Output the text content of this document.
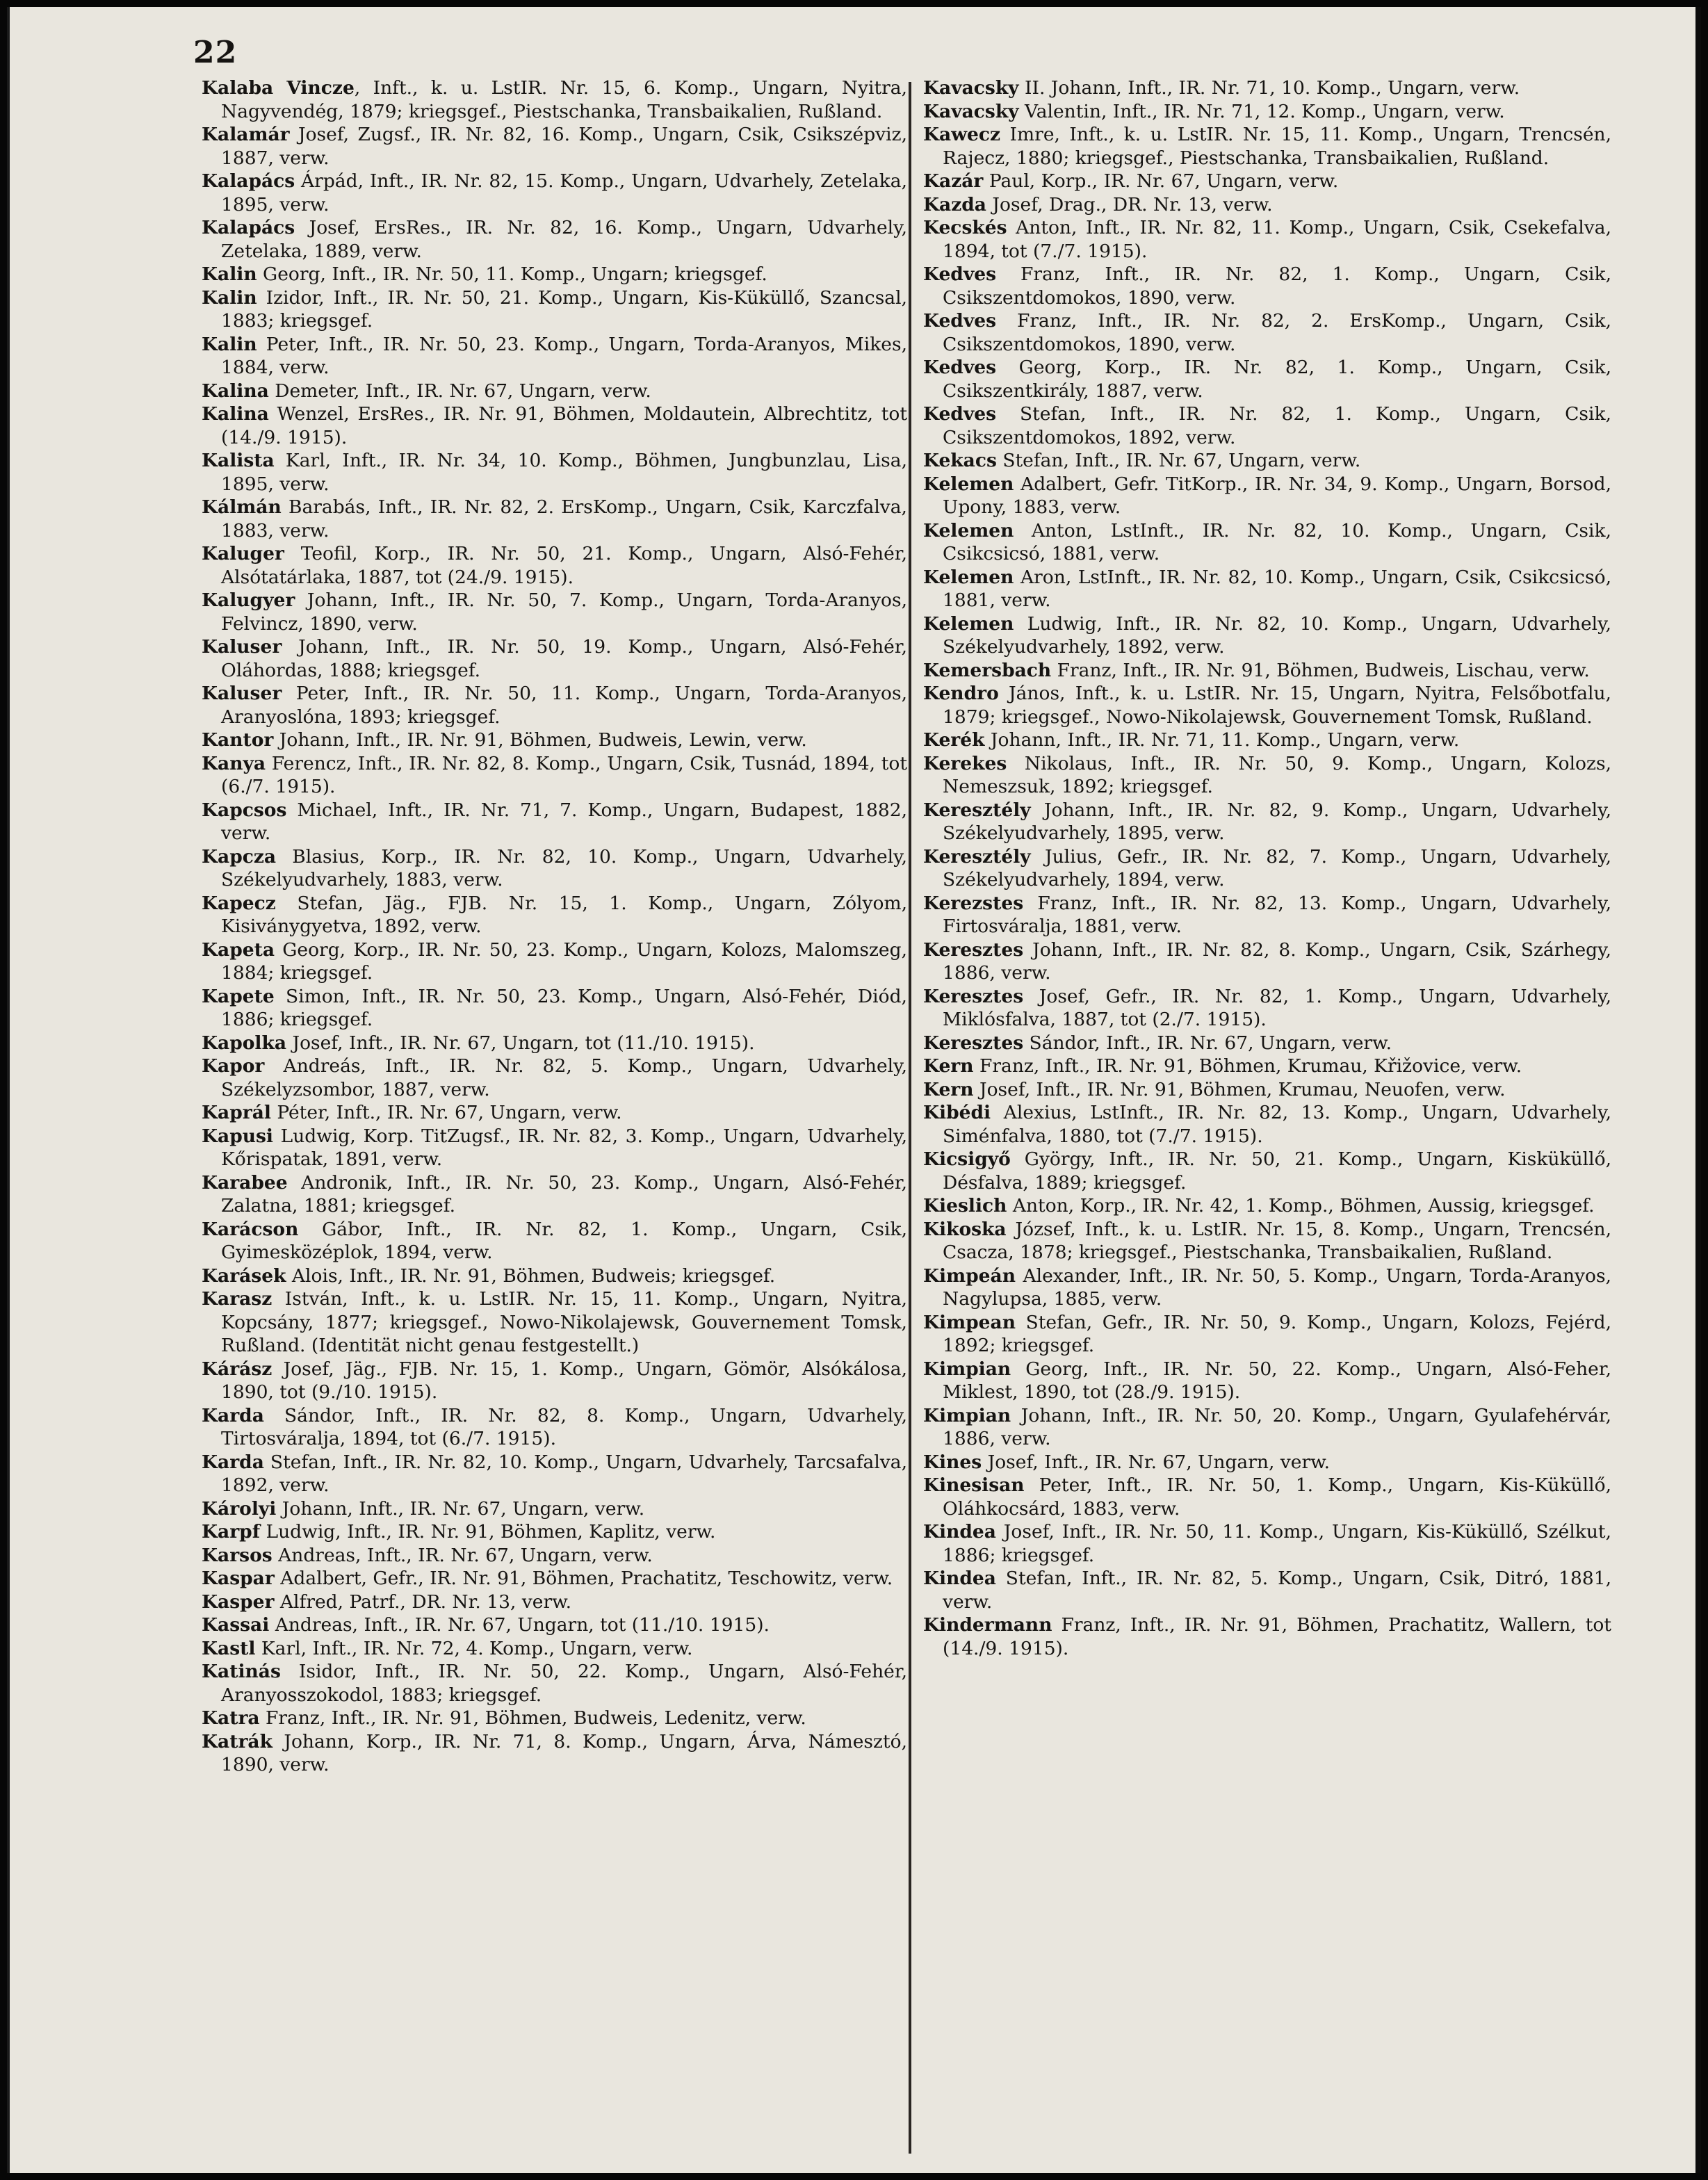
22

Kalaba Vincze, Inft., k. u. LstIR. Nr. 15, 6. Komp., Ungarn, Nyitra, Nagyvendég, 1879; kriegsgef., Piestschanka, Transbaikalien, Rußland.

Kalamár Josef, Zugsf., IR. Nr. 82, 16. Komp., Ungarn, Csik, Csikszépviz, 1887, verw.

Kalapács Árpád, Inft., IR. Nr. 82, 15. Komp., Ungarn, Udvarhely, Zetelaka, 1895, verw.

Kalapács Josef, ErsRes., IR. Nr. 82, 16. Komp., Ungarn, Udvarhely, Zetelaka, 1889, verw.

Kalin Georg, Inft., IR. Nr. 50, 11. Komp., Ungarn; kriegsgef.

Kalin Izidor, Inft., IR. Nr. 50, 21. Komp., Ungarn, Kis-Küküllő, Szancsal, 1883; kriegsgef.

Kalin Peter, Inft., IR. Nr. 50, 23. Komp., Ungarn, Torda-Aranyos, Mikes, 1884, verw.

Kalina Demeter, Inft., IR. Nr. 67, Ungarn, verw.

Kalina Wenzel, ErsRes., IR. Nr. 91, Böhmen, Moldautein, Albrechtitz, tot (14./9. 1915).

Kalista Karl, Inft., IR. Nr. 34, 10. Komp., Böhmen, Jungbunzlau, Lisa, 1895, verw.

Kálmán Barabás, Inft., IR. Nr. 82, 2. ErsKomp., Ungarn, Csik, Karczfalva, 1883, verw.

Kaluger Teofil, Korp., IR. Nr. 50, 21. Komp., Ungarn, Alsó-Fehér, Alsótatárlaka, 1887, tot (24./9. 1915).

Kalugyer Johann, Inft., IR. Nr. 50, 7. Komp., Ungarn, Torda-Aranyos, Felvincz, 1890, verw.

Kaluser Johann, Inft., IR. Nr. 50, 19. Komp., Ungarn, Alsó-Fehér, Oláhordas, 1888; kriegsgef.

Kaluser Peter, Inft., IR. Nr. 50, 11. Komp., Ungarn, Torda-Aranyos, Aranyoslóna, 1893; kriegsgef.

Kantor Johann, Inft., IR. Nr. 91, Böhmen, Budweis, Lewin, verw.

Kanya Ferencz, Inft., IR. Nr. 82, 8. Komp., Ungarn, Csik, Tusnád, 1894, tot (6./7. 1915).

Kapcsos Michael, Inft., IR. Nr. 71, 7. Komp., Ungarn, Budapest, 1882, verw.

Kapcza Blasius, Korp., IR. Nr. 82, 10. Komp., Ungarn, Udvarhely, Székelyudvarhely, 1883, verw.

Kapecz Stefan, Jäg., FJB. Nr. 15, 1. Komp., Ungarn, Zólyom, Kisiványgyetva, 1892, verw.

Kapeta Georg, Korp., IR. Nr. 50, 23. Komp., Ungarn, Kolozs, Malomszeg, 1884; kriegsgef.

Kapete Simon, Inft., IR. Nr. 50, 23. Komp., Ungarn, Alsó-Fehér, Diód, 1886; kriegsgef.

Kapolka Josef, Inft., IR. Nr. 67, Ungarn, tot (11./10. 1915).

Kapor Andreás, Inft., IR. Nr. 82, 5. Komp., Ungarn, Udvarhely, Székelyzsombor, 1887, verw.

Kaprál Péter, Inft., IR. Nr. 67, Ungarn, verw.

Kapusi Ludwig, Korp. TitZugsf., IR. Nr. 82, 3. Komp., Ungarn, Udvarhely, Kőrispatak, 1891, verw.

Karabee Andronik, Inft., IR. Nr. 50, 23. Komp., Ungarn, Alsó-Fehér, Zalatna, 1881; kriegsgef.

Karácson Gábor, Inft., IR. Nr. 82, 1. Komp., Ungarn, Csik, Gyimesközéplok, 1894, verw.

Karásek Alois, Inft., IR. Nr. 91, Böhmen, Budweis; kriegsgef.

Karasz István, Inft., k. u. LstIR. Nr. 15, 11. Komp., Ungarn, Nyitra, Kopcsány, 1877; kriegsgef., Nowo-Nikolajewsk, Gouvernement Tomsk, Rußland. (Identität nicht genau festgestellt.)

Kárász Josef, Jäg., FJB. Nr. 15, 1. Komp., Ungarn, Gömör, Alsókálosa, 1890, tot (9./10. 1915).

Karda Sándor, Inft., IR. Nr. 82, 8. Komp., Ungarn, Udvarhely, Tirtosváralja, 1894, tot (6./7. 1915).

Karda Stefan, Inft., IR. Nr. 82, 10. Komp., Ungarn, Udvarhely, Tarcsafalva, 1892, verw.

Károlyi Johann, Inft., IR. Nr. 67, Ungarn, verw.

Karpf Ludwig, Inft., IR. Nr. 91, Böhmen, Kaplitz, verw.

Karsos Andreas, Inft., IR. Nr. 67, Ungarn, verw.

Kaspar Adalbert, Gefr., IR. Nr. 91, Böhmen, Prachatitz, Teschowitz, verw.

Kasper Alfred, Patrf., DR. Nr. 13, verw.

Kassai Andreas, Inft., IR. Nr. 67, Ungarn, tot (11./10. 1915).

Kastl Karl, Inft., IR. Nr. 72, 4. Komp., Ungarn, verw.

Katinás Isidor, Inft., IR. Nr. 50, 22. Komp., Ungarn, Alsó-Fehér, Aranyosszokodol, 1883; kriegsgef.

Katra Franz, Inft., IR. Nr. 91, Böhmen, Budweis, Ledenitz, verw.

Katrák Johann, Korp., IR. Nr. 71, 8. Komp., Ungarn, Árva, Námesztó, 1890, verw.

Kavacsky II. Johann, Inft., IR. Nr. 71, 10. Komp., Ungarn, verw.

Kavacsky Valentin, Inft., IR. Nr. 71, 12. Komp., Ungarn, verw.

Kawecz Imre, Inft., k. u. LstIR. Nr. 15, 11. Komp., Ungarn, Trencsén, Rajecz, 1880; kriegsgef., Piestschanka, Transbaikalien, Rußland.

Kazár Paul, Korp., IR. Nr. 67, Ungarn, verw.

Kazda Josef, Drag., DR. Nr. 13, verw.

Kecskés Anton, Inft., IR. Nr. 82, 11. Komp., Ungarn, Csik, Csekefalva, 1894, tot (7./7. 1915).

Kedves Franz, Inft., IR. Nr. 82, 1. Komp., Ungarn, Csik, Csikszentdomokos, 1890, verw.

Kedves Franz, Inft., IR. Nr. 82, 2. ErsKomp., Ungarn, Csik, Csikszentdomokos, 1890, verw.

Kedves Georg, Korp., IR. Nr. 82, 1. Komp., Ungarn, Csik, Csikszentkirály, 1887, verw.

Kedves Stefan, Inft., IR. Nr. 82, 1. Komp., Ungarn, Csik, Csikszentdomokos, 1892, verw.

Kekacs Stefan, Inft., IR. Nr. 67, Ungarn, verw.

Kelemen Adalbert, Gefr. TitKorp., IR. Nr. 34, 9. Komp., Ungarn, Borsod, Upony, 1883, verw.

Kelemen Anton, LstInft., IR. Nr. 82, 10. Komp., Ungarn, Csik, Csikcsicsó, 1881, verw.

Kelemen Aron, LstInft., IR. Nr. 82, 10. Komp., Ungarn, Csik, Csikcsicsó, 1881, verw.

Kelemen Ludwig, Inft., IR. Nr. 82, 10. Komp., Ungarn, Udvarhely, Székelyudvarhely, 1892, verw.

Kemersbach Franz, Inft., IR. Nr. 91, Böhmen, Budweis, Lischau, verw.

Kendro János, Inft., k. u. LstIR. Nr. 15, Ungarn, Nyitra, Felsőbotfalu, 1879; kriegsgef., Nowo-Nikolajewsk, Gouvernement Tomsk, Rußland.

Kerék Johann, Inft., IR. Nr. 71, 11. Komp., Ungarn, verw.

Kerekes Nikolaus, Inft., IR. Nr. 50, 9. Komp., Ungarn, Kolozs, Nemeszsuk, 1892; kriegsgef.

Keresztély Johann, Inft., IR. Nr. 82, 9. Komp., Ungarn, Udvarhely, Székelyudvarhely, 1895, verw.

Keresztély Julius, Gefr., IR. Nr. 82, 7. Komp., Ungarn, Udvarhely, Székelyudvarhely, 1894, verw.

Kerezstes Franz, Inft., IR. Nr. 82, 13. Komp., Ungarn, Udvarhely, Firtosváralja, 1881, verw.

Keresztes Johann, Inft., IR. Nr. 82, 8. Komp., Ungarn, Csik, Szárhegy, 1886, verw.

Keresztes Josef, Gefr., IR. Nr. 82, 1. Komp., Ungarn, Udvarhely, Miklósfalva, 1887, tot (2./7. 1915).

Keresztes Sándor, Inft., IR. Nr. 67, Ungarn, verw.

Kern Franz, Inft., IR. Nr. 91, Böhmen, Krumau, Křižovice, verw.

Kern Josef, Inft., IR. Nr. 91, Böhmen, Krumau, Neuofen, verw.

Kibédi Alexius, LstInft., IR. Nr. 82, 13. Komp., Ungarn, Udvarhely, Siménfalva, 1880, tot (7./7. 1915).

Kicsigyő György, Inft., IR. Nr. 50, 21. Komp., Ungarn, Kisküküllő, Désfalva, 1889; kriegsgef.

Kieslich Anton, Korp., IR. Nr. 42, 1. Komp., Böhmen, Aussig, kriegsgef.

Kikoska József, Inft., k. u. LstIR. Nr. 15, 8. Komp., Ungarn, Trencsén, Csacza, 1878; kriegsgef., Piestschanka, Transbaikalien, Rußland.

Kimpeán Alexander, Inft., IR. Nr. 50, 5. Komp., Ungarn, Torda-Aranyos, Nagylupsa, 1885, verw.

Kimpean Stefan, Gefr., IR. Nr. 50, 9. Komp., Ungarn, Kolozs, Fejérd, 1892; kriegsgef.

Kimpian Georg, Inft., IR. Nr. 50, 22. Komp., Ungarn, Alsó-Feher, Miklest, 1890, tot (28./9. 1915).

Kimpian Johann, Inft., IR. Nr. 50, 20. Komp., Ungarn, Gyulafehérvár, 1886, verw.

Kines Josef, Inft., IR. Nr. 67, Ungarn, verw.

Kinesisan Peter, Inft., IR. Nr. 50, 1. Komp., Ungarn, Kis-Küküllő, Oláhkocsárd, 1883, verw.

Kindea Josef, Inft., IR. Nr. 50, 11. Komp., Ungarn, Kis-Küküllő, Szélkut, 1886; kriegsgef.

Kindea Stefan, Inft., IR. Nr. 82, 5. Komp., Ungarn, Csik, Ditró, 1881, verw.

Kindermann Franz, Inft., IR. Nr. 91, Böhmen, Prachatitz, Wallern, tot (14./9. 1915).
